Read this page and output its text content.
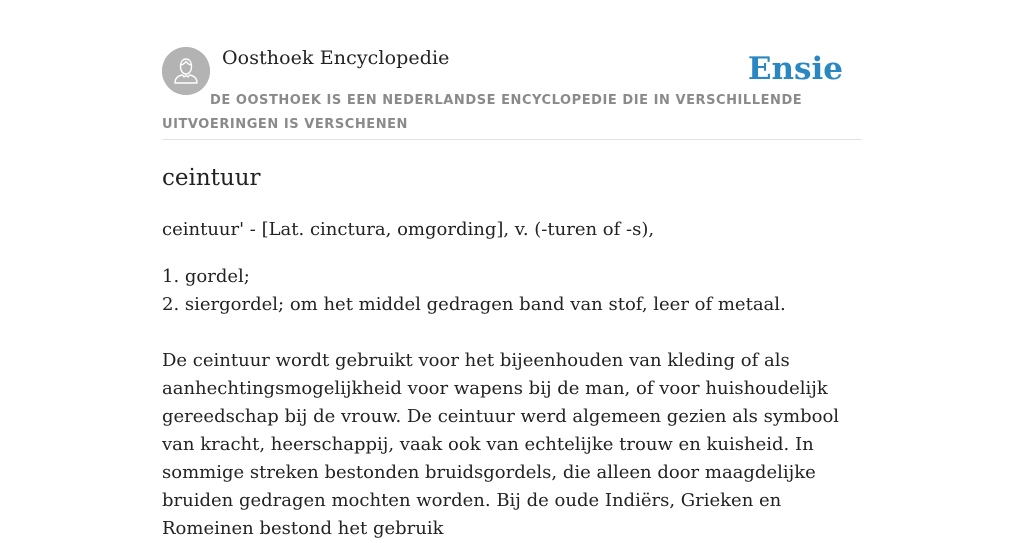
Oosthoek Encyclopedie	Ensie
DE OOSTHOEK IS EEN NEDERLANDSE ENCYCLOPEDIE DIE IN VERSCHILLENDE UITVOERINGEN IS VERSCHENEN
ceintuur
ceintuur' - [Lat. cinctura, omgording], v. (-turen of -s),
1. gordel;
2. siergordel; om het middel gedragen band van stof, leer of metaal.

De ceintuur wordt gebruikt voor het bijeenhouden van kleding of als aanhechtingsmogelijkheid voor wapens bij de man, of voor huishoudelijk gereedschap bij de vrouw. De ceintuur werd algemeen gezien als symbool van kracht, heerschappij, vaak ook van echtelijke trouw en kuisheid. In sommige streken bestonden bruidsgordels, die alleen door maagdelijke bruiden gedragen mochten worden. Bij de oude Indiërs, Grieken en Romeinen bestond het gebruik
